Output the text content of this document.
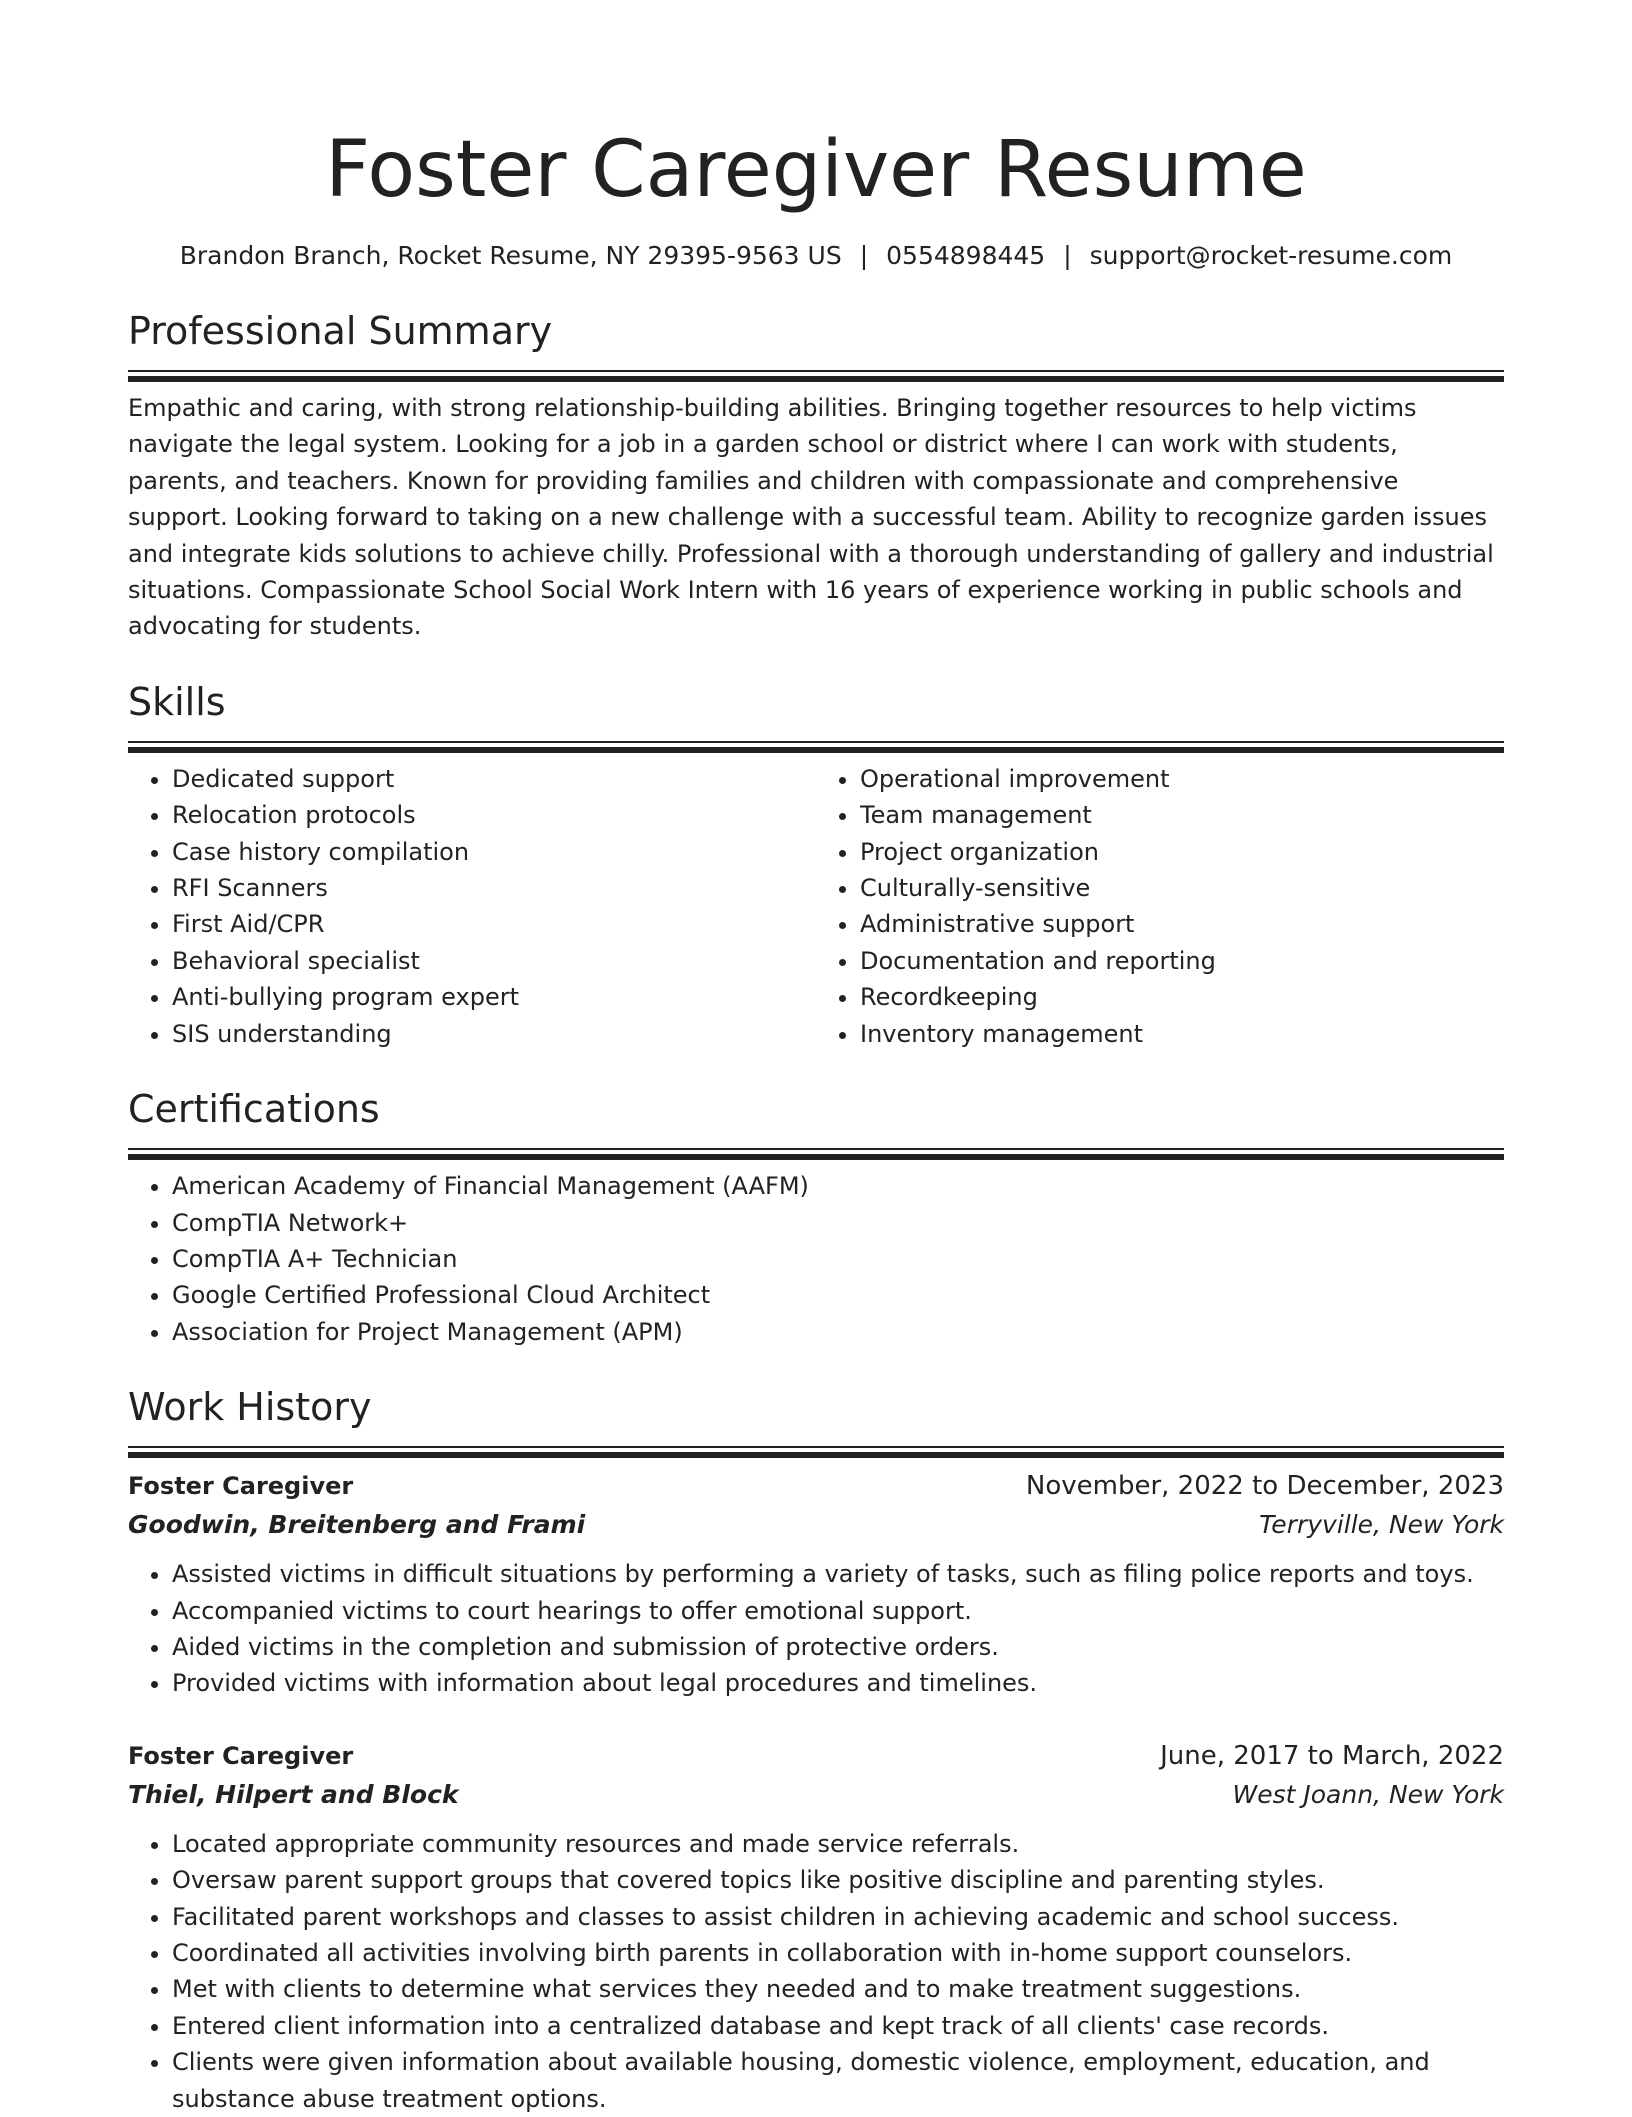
Foster Caregiver Resume
Brandon Branch, Rocket Resume, NY 29395-9563 US | 0554898445 | support@rocket-resume.com
Professional Summary

Empathic and caring, with strong relationship-building abilities. Bringing together resources to help victims navigate the legal system. Looking for a job in a garden school or district where I can work with students, parents, and teachers. Known for providing families and children with compassionate and comprehensive support. Looking forward to taking on a new challenge with a successful team. Ability to recognize garden issues and integrate kids solutions to achieve chilly. Professional with a thorough understanding of gallery and industrial situations. Compassionate School Social Work Intern with 16 years of experience working in public schools and advocating for students.

Skills
• Dedicated support
• Relocation protocols
• Case history compilation
• RFI Scanners
• First Aid/CPR
• Behavioral specialist
• Anti-bullying program expert
• SIS understanding
• Operational improvement
• Team management
• Project organization
• Culturally-sensitive
• Administrative support
• Documentation and reporting
• Recordkeeping
• Inventory management
Certifications
• American Academy of Financial Management (AAFM)
• CompTIA Network+
• CompTIA A+ Technician
• Google Certified Professional Cloud Architect
• Association for Project Management (APM)
Work History
Foster Caregiver	November, 2022 to December, 2023
Goodwin, Breitenberg and Frami	Terryville, New York
• Assisted victims in difficult situations by performing a variety of tasks, such as filing police reports and toys.
• Accompanied victims to court hearings to offer emotional support.
• Aided victims in the completion and submission of protective orders.
• Provided victims with information about legal procedures and timelines.
Foster Caregiver	June, 2017 to March, 2022
Thiel, Hilpert and Block	West Joann, New York
• Located appropriate community resources and made service referrals.
• Oversaw parent support groups that covered topics like positive discipline and parenting styles.
• Facilitated parent workshops and classes to assist children in achieving academic and school success.
• Coordinated all activities involving birth parents in collaboration with in-home support counselors.
• Met with clients to determine what services they needed and to make treatment suggestions.
• Entered client information into a centralized database and kept track of all clients' case records.
• Clients were given information about available housing, domestic violence, employment, education, and substance abuse treatment options.
